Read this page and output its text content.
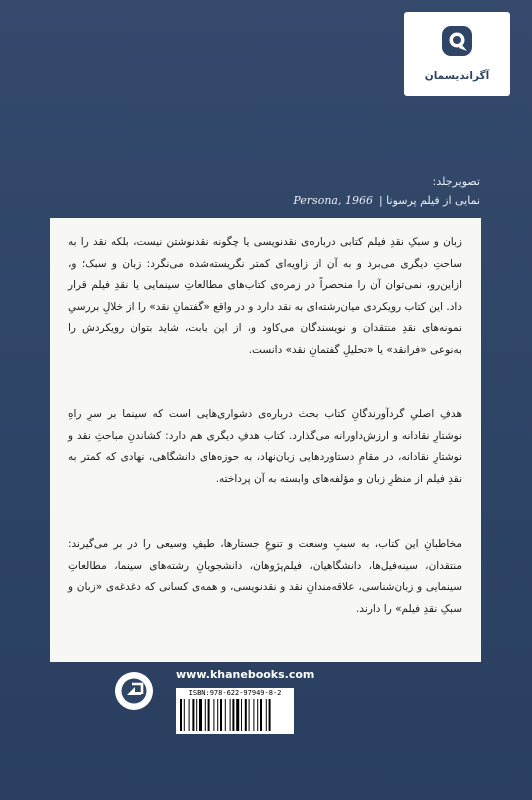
آگراندیسمان
تصویرجلد:
نمایی از فیلم پرسونا |
Persona, 1966

زبان و سبکِ نقدِ فیلم کتابی درباره‌ی نقدنویسی یا چگونه نقدنوشتن نیست، بلکه نقد را به ساحتِ دیگری می‌برد و به آن از زاویه‌ای کمتر نگریسته‌شده می‌نگرد: زبان و سبک؛ و، ازاین‌رو، نمی‌توان آن را منحصراً در زمره‌ی کتاب‌های مطالعاتِ سینمایی یا نقدِ فیلم قرار داد. این کتاب رویکردی میان‌رشته‌ای به نقد دارد و در واقع «گفتمانِ نقد» را از خلالِ بررسیِ نمونه‌های نقدِ منتقدان و نویسندگان می‌کاود و، از این بابت، شاید بتوان رویکردش را به‌نوعی «فرانقد» یا «تحلیلِ گفتمانِ نقد» دانست.

هدفِ اصلیِ گردآورندگانِ کتاب بحث درباره‌ی دشواری‌هایی است که سینما بر سرِ راهِ نوشتارِ نقادانه و ارزش‌داورانه می‌گذارد. کتاب هدفِ دیگری هم دارد: کشاندنِ مباحثِ نقد و نوشتارِ نقادانه، در مقامِ دستاوردهایی زبان‌نهاد، به حوزه‌های دانشگاهی، نهادی که کمتر به نقدِ فیلم از منظرِ زبان و مؤلفه‌های وابسته به آن پرداخته.

مخاطبانِ این کتاب، به سببِ وسعت و تنوعِ جستارها، طیفِ وسیعی را در بر می‌گیرند: منتقدان، سینه‌فیل‌ها، دانشگاهیان، فیلم‌پژوهان، دانشجویانِ رشته‌های سینما، مطالعاتِ سینمایی و زبان‌شناسی، علاقه‌مندانِ نقد و نقدنویسی، و همه‌ی کسانی که دغدغه‌ی «زبان و سبکِ نقدِ فیلم» را دارند.

www.khanebooks.com
ISBN:978-622-97949-8-2
